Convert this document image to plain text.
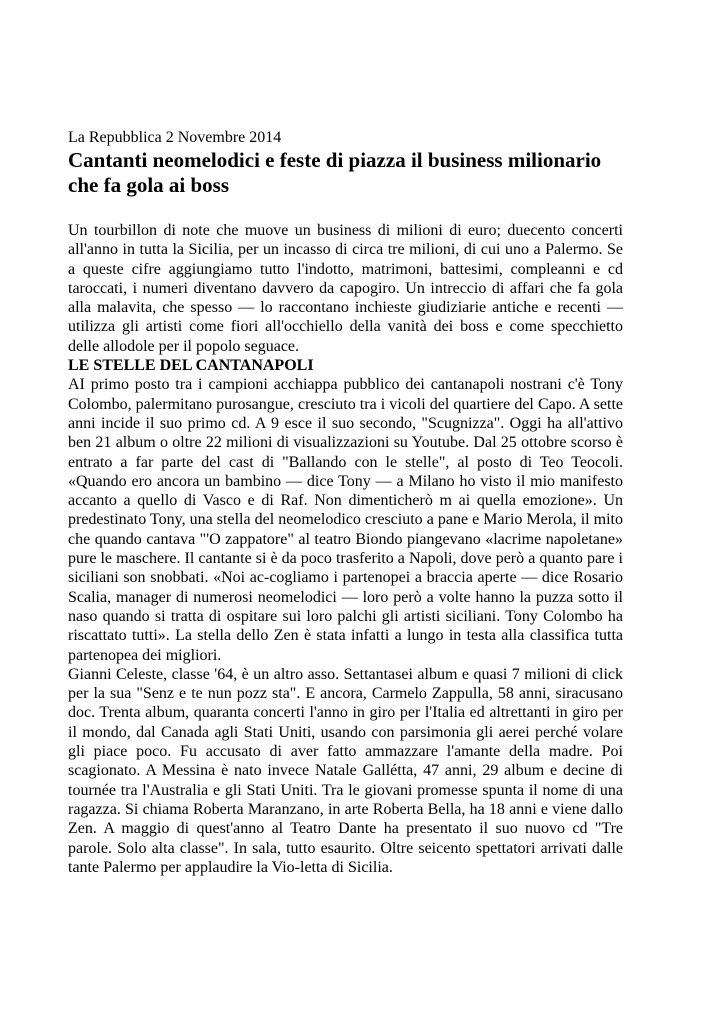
La Repubblica 2 Novembre 2014

Cantanti neomelodici e feste di piazza il business milionario che fa gola ai boss

Un tourbillon di note che muove un business di milioni di euro; duecento concerti all'anno in tutta la Sicilia, per un incasso di circa tre milioni, di cui uno a Palermo. Se a queste cifre aggiungiamo tutto l'indotto, matrimoni, battesimi, compleanni e cd taroccati, i numeri diventano davvero da capogiro. Un intreccio di affari che fa gola alla malavita, che spesso — lo raccontano inchieste giudiziarie antiche e recenti — utilizza gli artisti come fiori all'occhiello della vanità dei boss e come specchietto delle allodole per il popolo seguace.

LE STELLE DEL CANTANAPOLI

AI primo posto tra i campioni acchiappa pubblico dei cantanapoli nostrani c'è Tony Colombo, palermitano purosangue, cresciuto tra i vicoli del quartiere del Capo. A sette anni incide il suo primo cd. A 9 esce il suo secondo, "Scugnizza". Oggi ha all'attivo ben 21 album o oltre 22 milioni di visualizzazioni su Youtube. Dal 25 ottobre scorso è entrato a far parte del cast di "Ballando con le stelle", al posto di Teo Teocoli. «Quando ero ancora un bambino — dice Tony — a Milano ho visto il mio manifesto accanto a quello di Vasco e di Raf. Non dimenticherò m ai quella emozione». Un predestinato Tony, una stella del neomelodico cresciuto a pane e Mario Merola, il mito che quando cantava "'O zappatore" al teatro Biondo piangevano «lacrime napoletane» pure le maschere. Il cantante si è da poco trasferito a Napoli, dove però a quanto pare i siciliani son snobbati. «Noi ac-cogliamo i partenopei a braccia aperte — dice Rosario Scalia, manager di numerosi neomelodici — loro però a volte hanno la puzza sotto il naso quando si tratta di ospitare sui loro palchi gli artisti siciliani. Tony Colombo ha riscattato tutti». La stella dello Zen è stata infatti a lungo in testa alla classifica tutta partenopea dei migliori.

Gianni Celeste, classe '64, è un altro asso. Settantasei album e quasi 7 milioni di click per la sua "Senz e te nun pozz sta". E ancora, Carmelo Zappulla, 58 anni, siracusano doc. Trenta album, quaranta concerti l'anno in giro per l'Italia ed altrettanti in giro per il mondo, dal Canada agli Stati Uniti, usando con parsimonia gli aerei perché volare gli piace poco. Fu accusato di aver fatto ammazzare l'amante della madre. Poi scagionato. A Messina è nato invece Natale Gallétta, 47 anni, 29 album e decine di tournée tra l'Australia e gli Stati Uniti. Tra le giovani promesse spunta il nome di una ragazza. Si chiama Roberta Maranzano, in arte Roberta Bella, ha 18 anni e viene dallo Zen. A maggio di quest'anno al Teatro Dante ha presentato il suo nuovo cd "Tre parole. Solo alta classe". In sala, tutto esaurito. Oltre seicento spettatori arrivati dalle tante Palermo per applaudire la Vio-letta di Sicilia.
